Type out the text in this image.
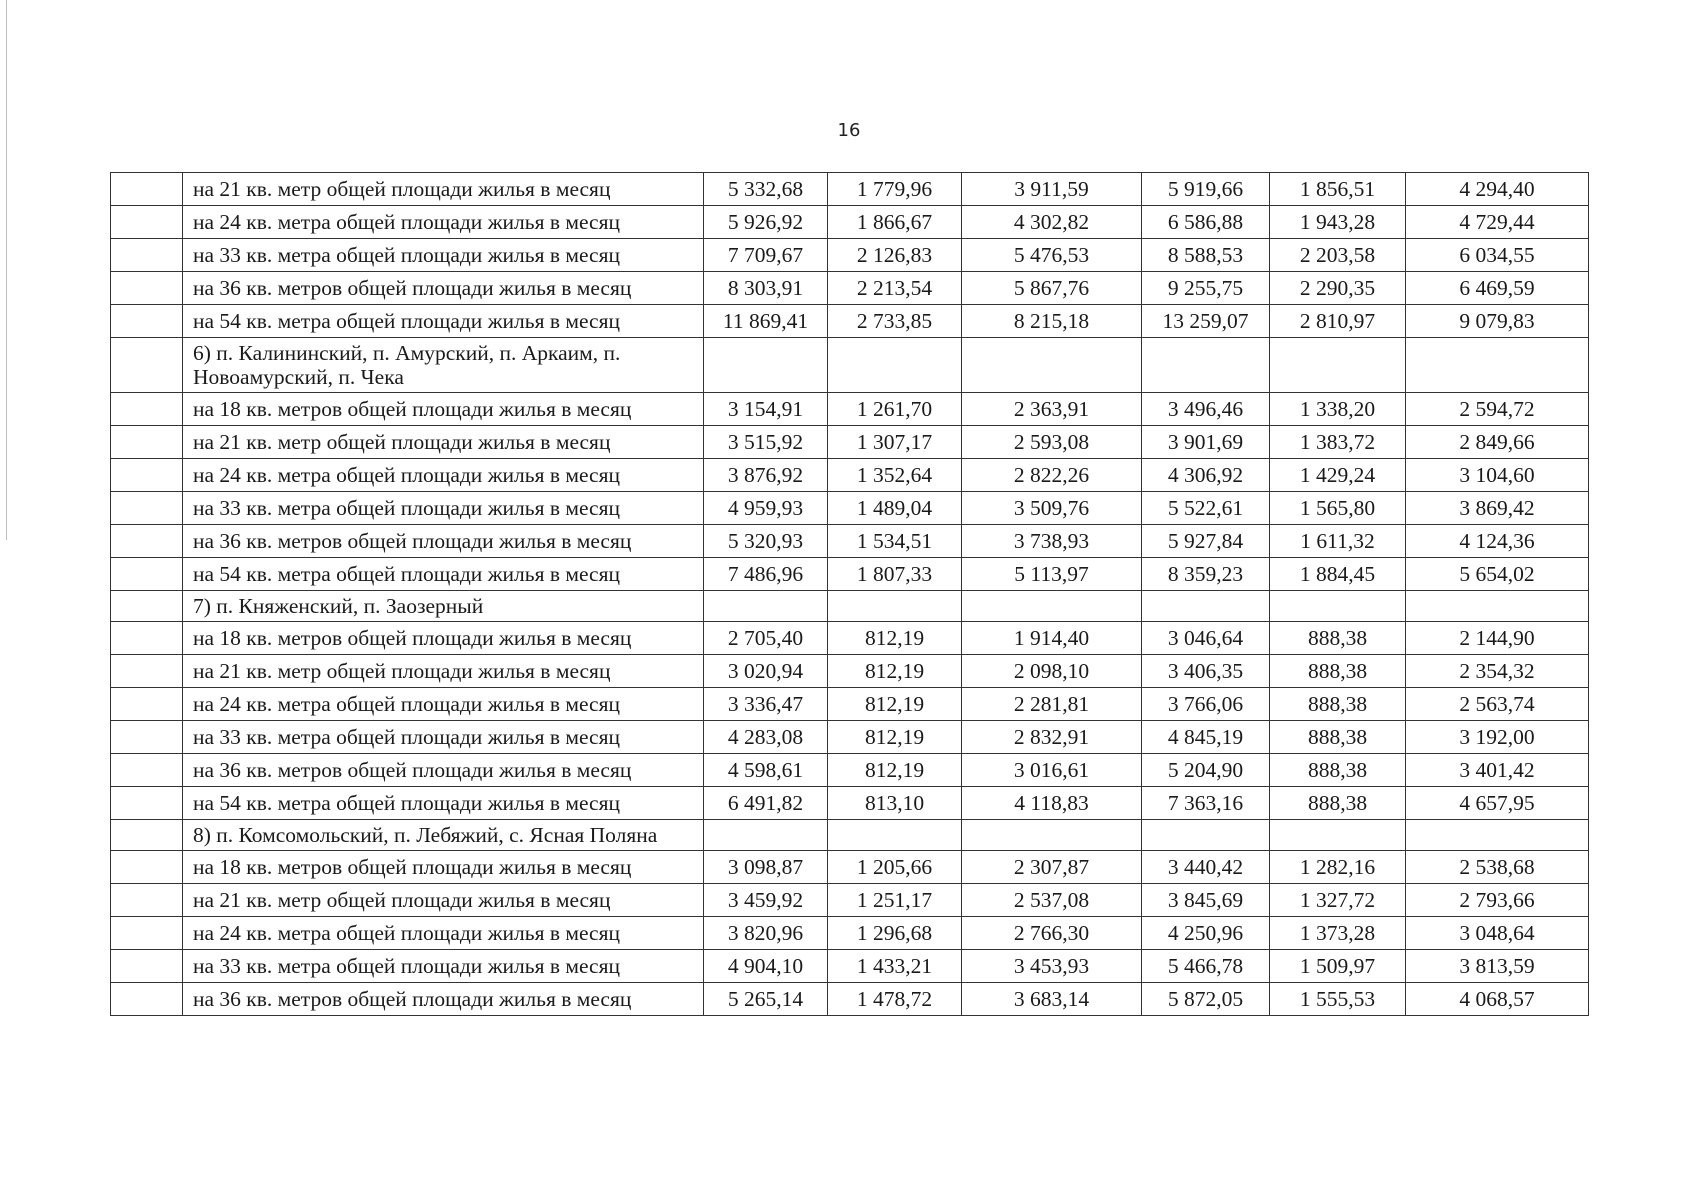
16
	на 21 кв. метр общей площади жилья в месяц	5 332,68	1 779,96	3 911,59	5 919,66	1 856,51	4 294,40
	на 24 кв. метра общей площади жилья в месяц	5 926,92	1 866,67	4 302,82	6 586,88	1 943,28	4 729,44
	на 33 кв. метра общей площади жилья в месяц	7 709,67	2 126,83	5 476,53	8 588,53	2 203,58	6 034,55
	на 36 кв. метров общей площади жилья в месяц	8 303,91	2 213,54	5 867,76	9 255,75	2 290,35	6 469,59
	на 54 кв. метра общей площади жилья в месяц	11 869,41	2 733,85	8 215,18	13 259,07	2 810,97	9 079,83
	6) п. Калининский, п. Амурский, п. Аркаим, п. Новоамурский, п. Чека						
	на 18 кв. метров общей площади жилья в месяц	3 154,91	1 261,70	2 363,91	3 496,46	1 338,20	2 594,72
	на 21 кв. метр общей площади жилья в месяц	3 515,92	1 307,17	2 593,08	3 901,69	1 383,72	2 849,66
	на 24 кв. метра общей площади жилья в месяц	3 876,92	1 352,64	2 822,26	4 306,92	1 429,24	3 104,60
	на 33 кв. метра общей площади жилья в месяц	4 959,93	1 489,04	3 509,76	5 522,61	1 565,80	3 869,42
	на 36 кв. метров общей площади жилья в месяц	5 320,93	1 534,51	3 738,93	5 927,84	1 611,32	4 124,36
	на 54 кв. метра общей площади жилья в месяц	7 486,96	1 807,33	5 113,97	8 359,23	1 884,45	5 654,02
	7) п. Княженский, п. Заозерный						
	на 18 кв. метров общей площади жилья в месяц	2 705,40	812,19	1 914,40	3 046,64	888,38	2 144,90
	на 21 кв. метр общей площади жилья в месяц	3 020,94	812,19	2 098,10	3 406,35	888,38	2 354,32
	на 24 кв. метра общей площади жилья в месяц	3 336,47	812,19	2 281,81	3 766,06	888,38	2 563,74
	на 33 кв. метра общей площади жилья в месяц	4 283,08	812,19	2 832,91	4 845,19	888,38	3 192,00
	на 36 кв. метров общей площади жилья в месяц	4 598,61	812,19	3 016,61	5 204,90	888,38	3 401,42
	на 54 кв. метра общей площади жилья в месяц	6 491,82	813,10	4 118,83	7 363,16	888,38	4 657,95
	8) п. Комсомольский, п. Лебяжий, с. Ясная Поляна						
	на 18 кв. метров общей площади жилья в месяц	3 098,87	1 205,66	2 307,87	3 440,42	1 282,16	2 538,68
	на 21 кв. метр общей площади жилья в месяц	3 459,92	1 251,17	2 537,08	3 845,69	1 327,72	2 793,66
	на 24 кв. метра общей площади жилья в месяц	3 820,96	1 296,68	2 766,30	4 250,96	1 373,28	3 048,64
	на 33 кв. метра общей площади жилья в месяц	4 904,10	1 433,21	3 453,93	5 466,78	1 509,97	3 813,59
	на 36 кв. метров общей площади жилья в месяц	5 265,14	1 478,72	3 683,14	5 872,05	1 555,53	4 068,57
